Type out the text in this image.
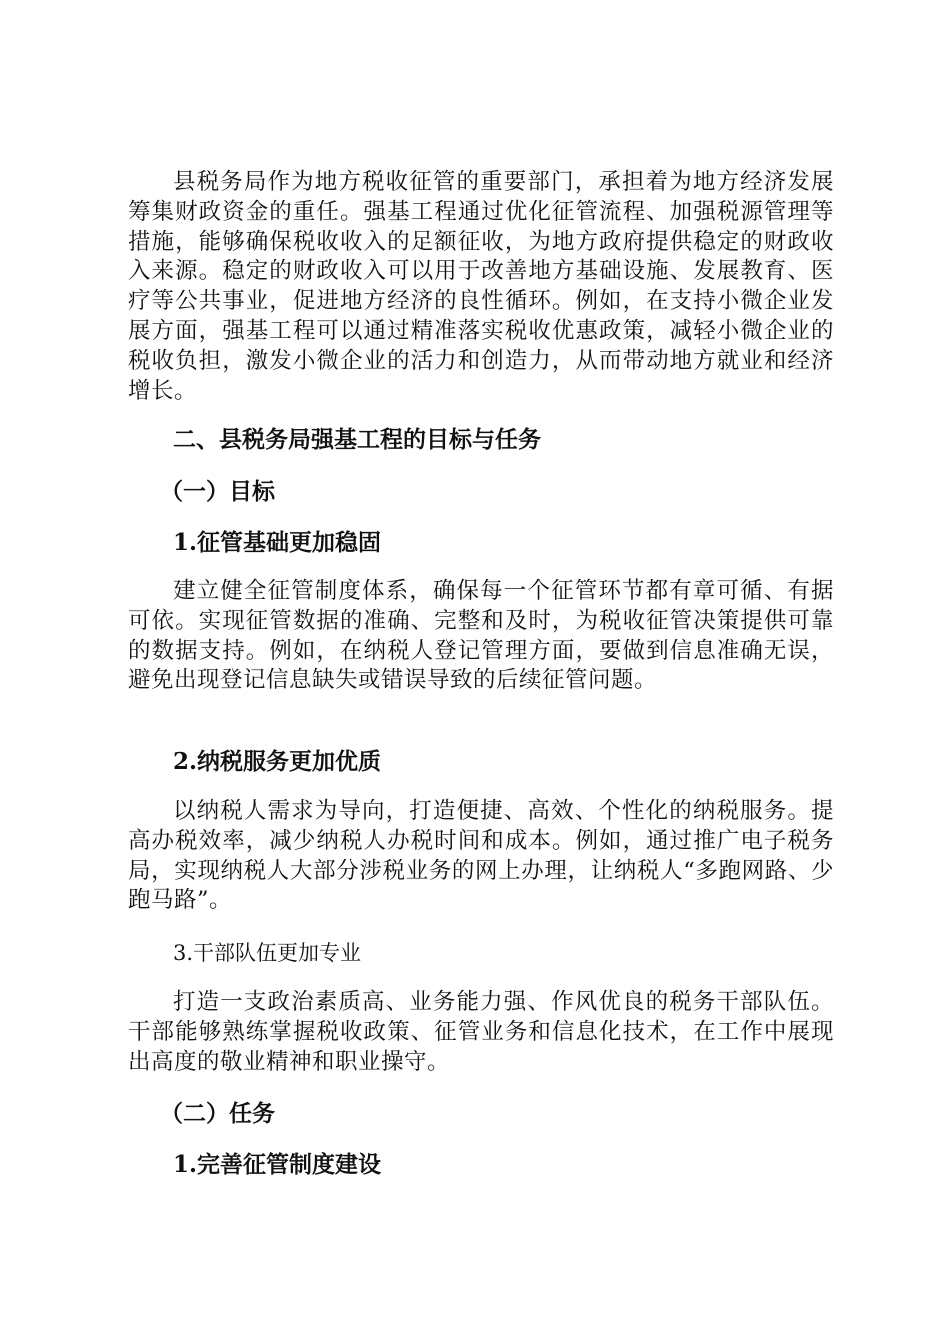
县税务局作为地方税收征管的重要部门，承担着为地方经济发展筹集财政资金的重任。强基工程通过优化征管流程、加强税源管理等措施，能够确保税收收入的足额征收，为地方政府提供稳定的财政收入来源。稳定的财政收入可以用于改善地方基础设施、发展教育、医疗等公共事业，促进地方经济的良性循环。例如，在支持小微企业发展方面，强基工程可以通过精准落实税收优惠政策，减轻小微企业的税收负担，激发小微企业的活力和创造力，从而带动地方就业和经济增长。

二、县税务局强基工程的目标与任务
（一）目标
1.征管基础更加稳固

建立健全征管制度体系，确保每一个征管环节都有章可循、有据可依。实现征管数据的准确、完整和及时，为税收征管决策提供可靠的数据支持。例如，在纳税人登记管理方面，要做到信息准确无误，避免出现登记信息缺失或错误导致的后续征管问题。

2.纳税服务更加优质

以纳税人需求为导向，打造便捷、高效、个性化的纳税服务。提高办税效率，减少纳税人办税时间和成本。例如，通过推广电子税务局，实现纳税人大部分涉税业务的网上办理，让纳税人“多跑网路、少跑马路”。

3.干部队伍更加专业

打造一支政治素质高、业务能力强、作风优良的税务干部队伍。干部能够熟练掌握税收政策、征管业务和信息化技术，在工作中展现出高度的敬业精神和职业操守。

（二）任务
1.完善征管制度建设
